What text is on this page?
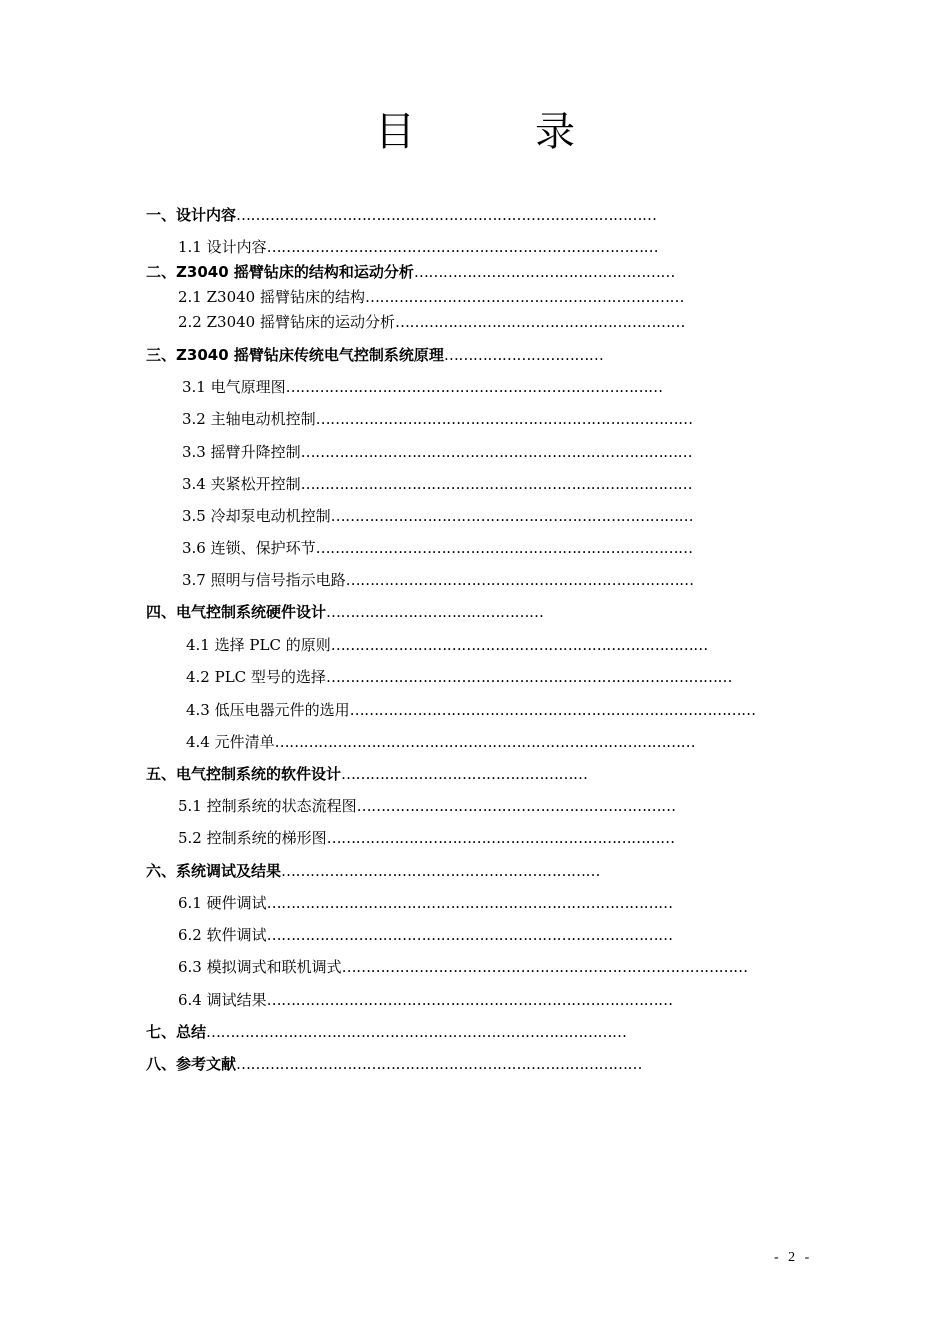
目　录
一、设计内容……………………………………………………………………………
1.1 设计内容………………………………………………………………………
二、Z3040 摇臂钻床的结构和运动分析………………………………………………
2.1 Z3040 摇臂钻床的结构…………………………………………………………
2.2 Z3040 摇臂钻床的运动分析……………………………………………………
三、Z3040 摇臂钻床传统电气控制系统原理……………………………
3.1 电气原理图……………………………………………………………………
3.2 主轴电动机控制……………………………………………………………………
3.3 摇臂升降控制………………………………………………………………………
3.4 夹紧松开控制………………………………………………………………………
3.5 冷却泵电动机控制…………………………………………………………………
3.6 连锁、保护环节……………………………………………………………………
3.7 照明与信号指示电路………………………………………………………………
四、电气控制系统硬件设计………………………………………
4.1 选择 PLC 的原则……………………………………………………………………
4.2 PLC 型号的选择…………………………………………………………………………
4.3 低压电器元件的选用…………………………………………………………………………
4.4 元件清单……………………………………………………………………………
五、电气控制系统的软件设计……………………………………………
5.1 控制系统的状态流程图…………………………………………………………
5.2 控制系统的梯形图………………………………………………………………
六、系统调试及结果…………………………………………………………
6.1 硬件调试…………………………………………………………………………
6.2 软件调试…………………………………………………………………………
6.3 模拟调式和联机调式…………………………………………………………………………
6.4 调试结果…………………………………………………………………………
七、总结……………………………………………………………………………
八、参考文献…………………………………………………………………………
- 2 -
